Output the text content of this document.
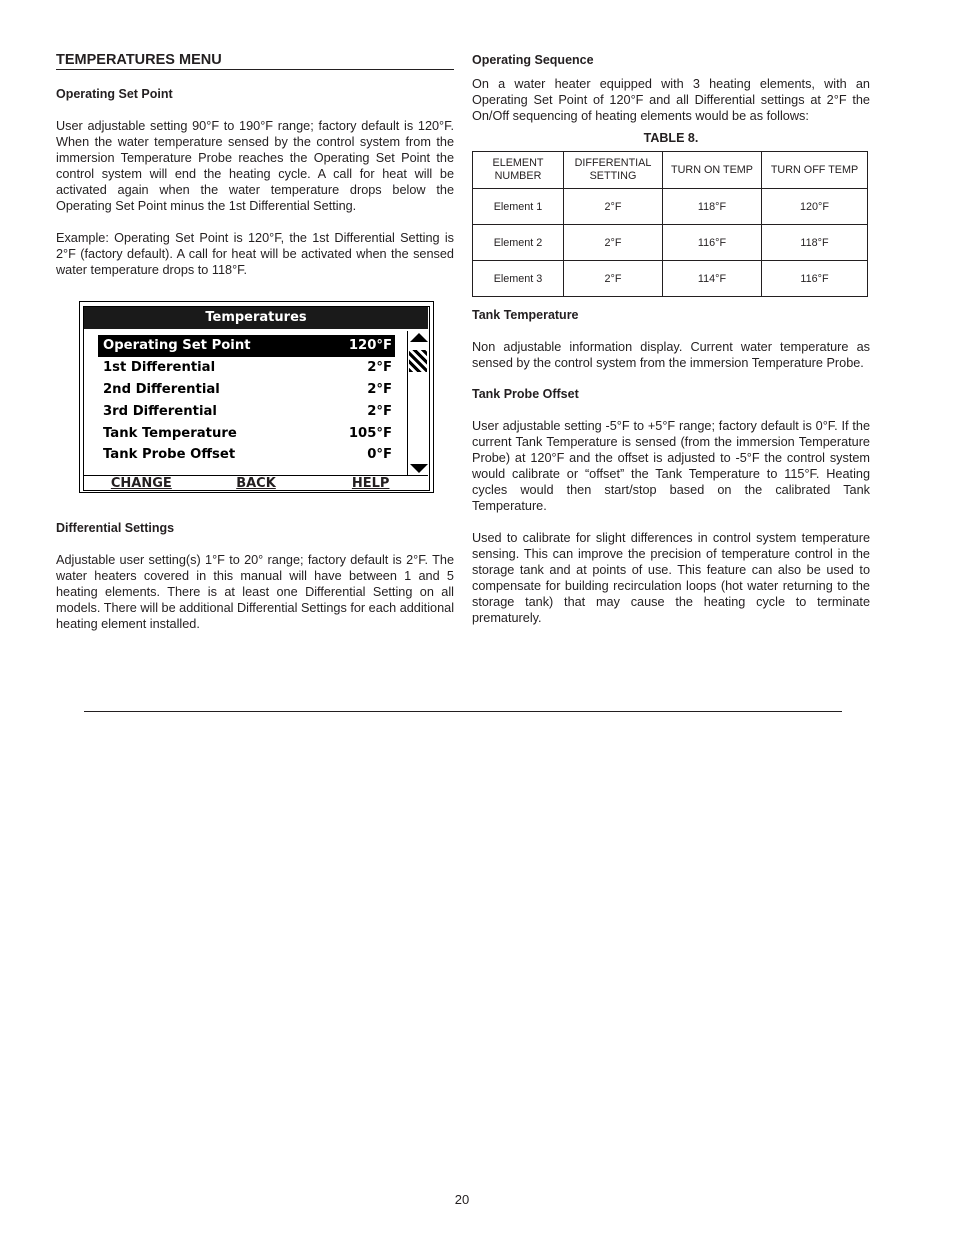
TEMPERATURES MENU
Operating Set Point

User adjustable setting 90°F to 190°F range; factory default is 120°F. When the water temperature sensed by the control system from the immersion Temperature Probe reaches the Operating Set Point the control system will end the heating cycle. A call for heat will be activated again when the water temperature drops below the Operating Set Point minus the 1st Differential Setting.

Example: Operating Set Point is 120°F, the 1st Differential Setting is 2°F (factory default). A call for heat will be activated when the sensed water temperature drops to 118°F.

Temperatures
Operating Set Point	120°F
1st Differential	2°F
2nd Differential	2°F
3rd Differential	2°F
Tank Temperature	105°F
Tank Probe Offset	0°F
CHANGE	BACK	HELP
Differential Settings

Adjustable user setting(s) 1°F to 20° range; factory default is 2°F. The water heaters covered in this manual will have between 1 and 5 heating elements. There is at least one Differential Setting on all models. There will be additional Differential Settings for each additional heating element installed.

Operating Sequence

On a water heater equipped with 3 heating elements, with an Operating Set Point of 120°F and all Differential settings at 2°F the On/Off sequencing of heating elements would be as follows:

TABLE 8.

ELEMENT NUMBER	DIFFERENTIAL SETTING	TURN ON TEMP	TURN OFF TEMP
Element 1	2°F	118°F	120°F
Element 2	2°F	116°F	118°F
Element 3	2°F	114°F	116°F
Tank Temperature

Non adjustable information display. Current water temperature as sensed by the control system from the immersion Temperature Probe.

Tank Probe Offset

User adjustable setting -5°F to +5°F range; factory default is 0°F. If the current Tank Temperature is sensed (from the immersion Temperature Probe) at 120°F and the offset is adjusted to -5°F the control system would calibrate or “offset” the Tank Temperature to 115°F. Heating cycles would then start/stop based on the calibrated Tank Temperature.

Used to calibrate for slight differences in control system temperature sensing. This can improve the precision of temperature control in the storage tank and at points of use. This feature can also be used to compensate for building recirculation loops (hot water returning to the storage tank) that may cause the heating cycle to terminate prematurely.

20
